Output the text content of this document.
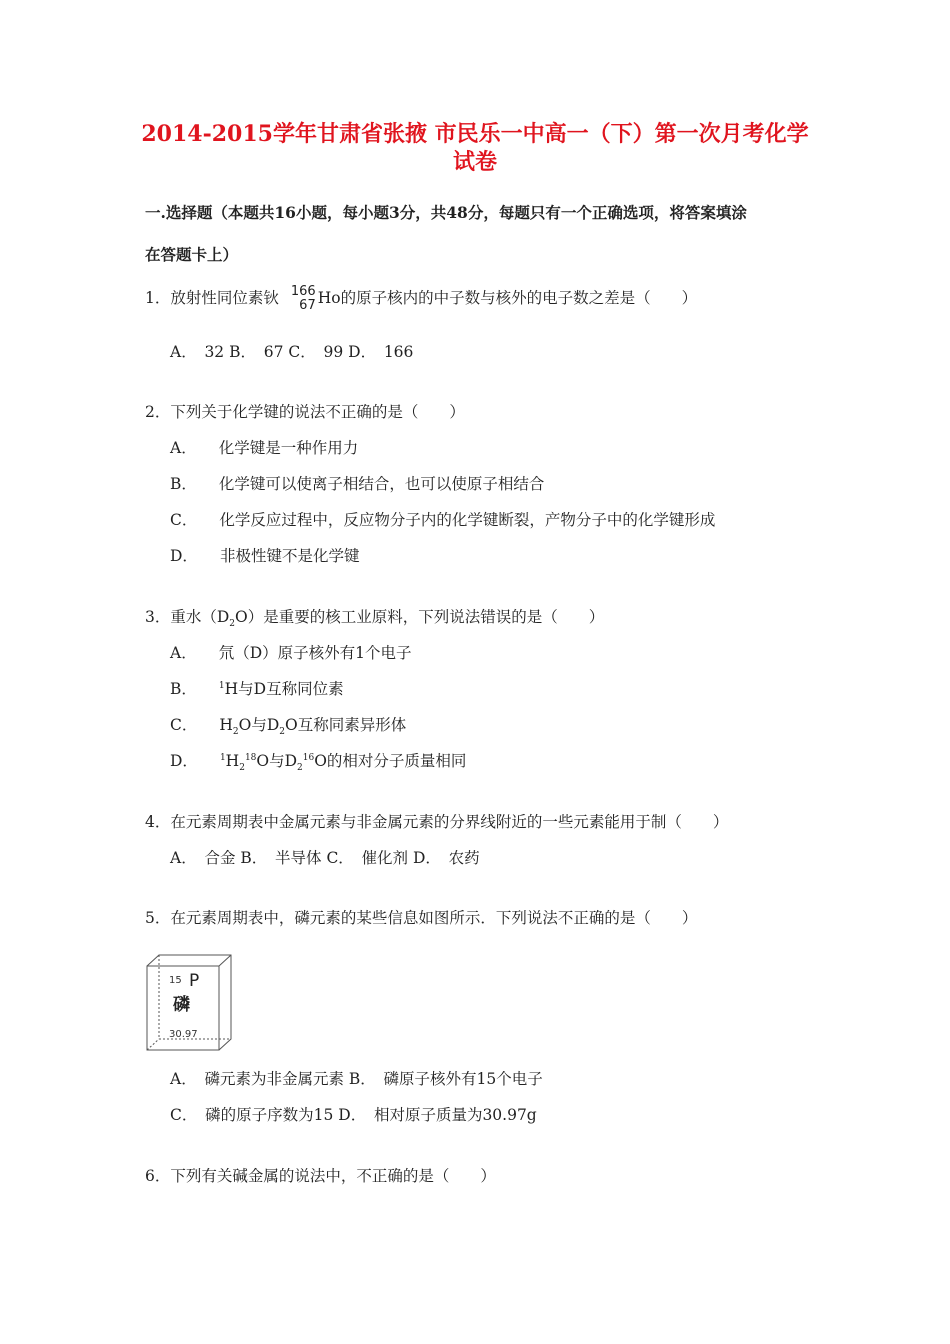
2014-2015学年甘肃省张掖 市民乐一中高一（下）第一次月考化学
试卷
一.选择题（本题共16小题，每小题3分，共48分，每题只有一个正确选项，将答案填涂
在答题卡上）
1．放射性同位素钬 166
67 Ho的原子核内的中子数与核外的电子数之差是（　　）
A．　32 B．　67 C．　99 D．　166
2．下列关于化学键的说法不正确的是（　　）
A． 化学键是一种作用力
B． 化学键可以使离子相结合，也可以使原子相结合
C． 化学反应过程中，反应物分子内的化学键断裂，产物分子中的化学键形成
D． 非极性键不是化学键
3．重水$(D_2O)$是重要的核工业原料，下列说法错误的是（　　）
A． 氘（D）原子核外有1个电子
B． $^1$H与D互称同位素
C． $H_2O$与$D_2O$互称同素异形体
D． $^1H_2^{18}O$与$D_2^{16}O$的相对分子质量相同
4．在元素周期表中金属元素与非金属元素的分界线附近的一些元素能用于制（　　）
A．　合金 B．　半导体 C．　催化剂 D．　农药
5．在元素周期表中，磷元素的某些信息如图所示．下列说法不正确的是（　　）
15 P
磷
30.97
A．　磷元素为非金属元素 B．　磷原子核外有15个电子
C．　磷的原子序数为15 D．　相对原子质量为30.97g
6．下列有关碱金属的说法中，不正确的是（　　）
